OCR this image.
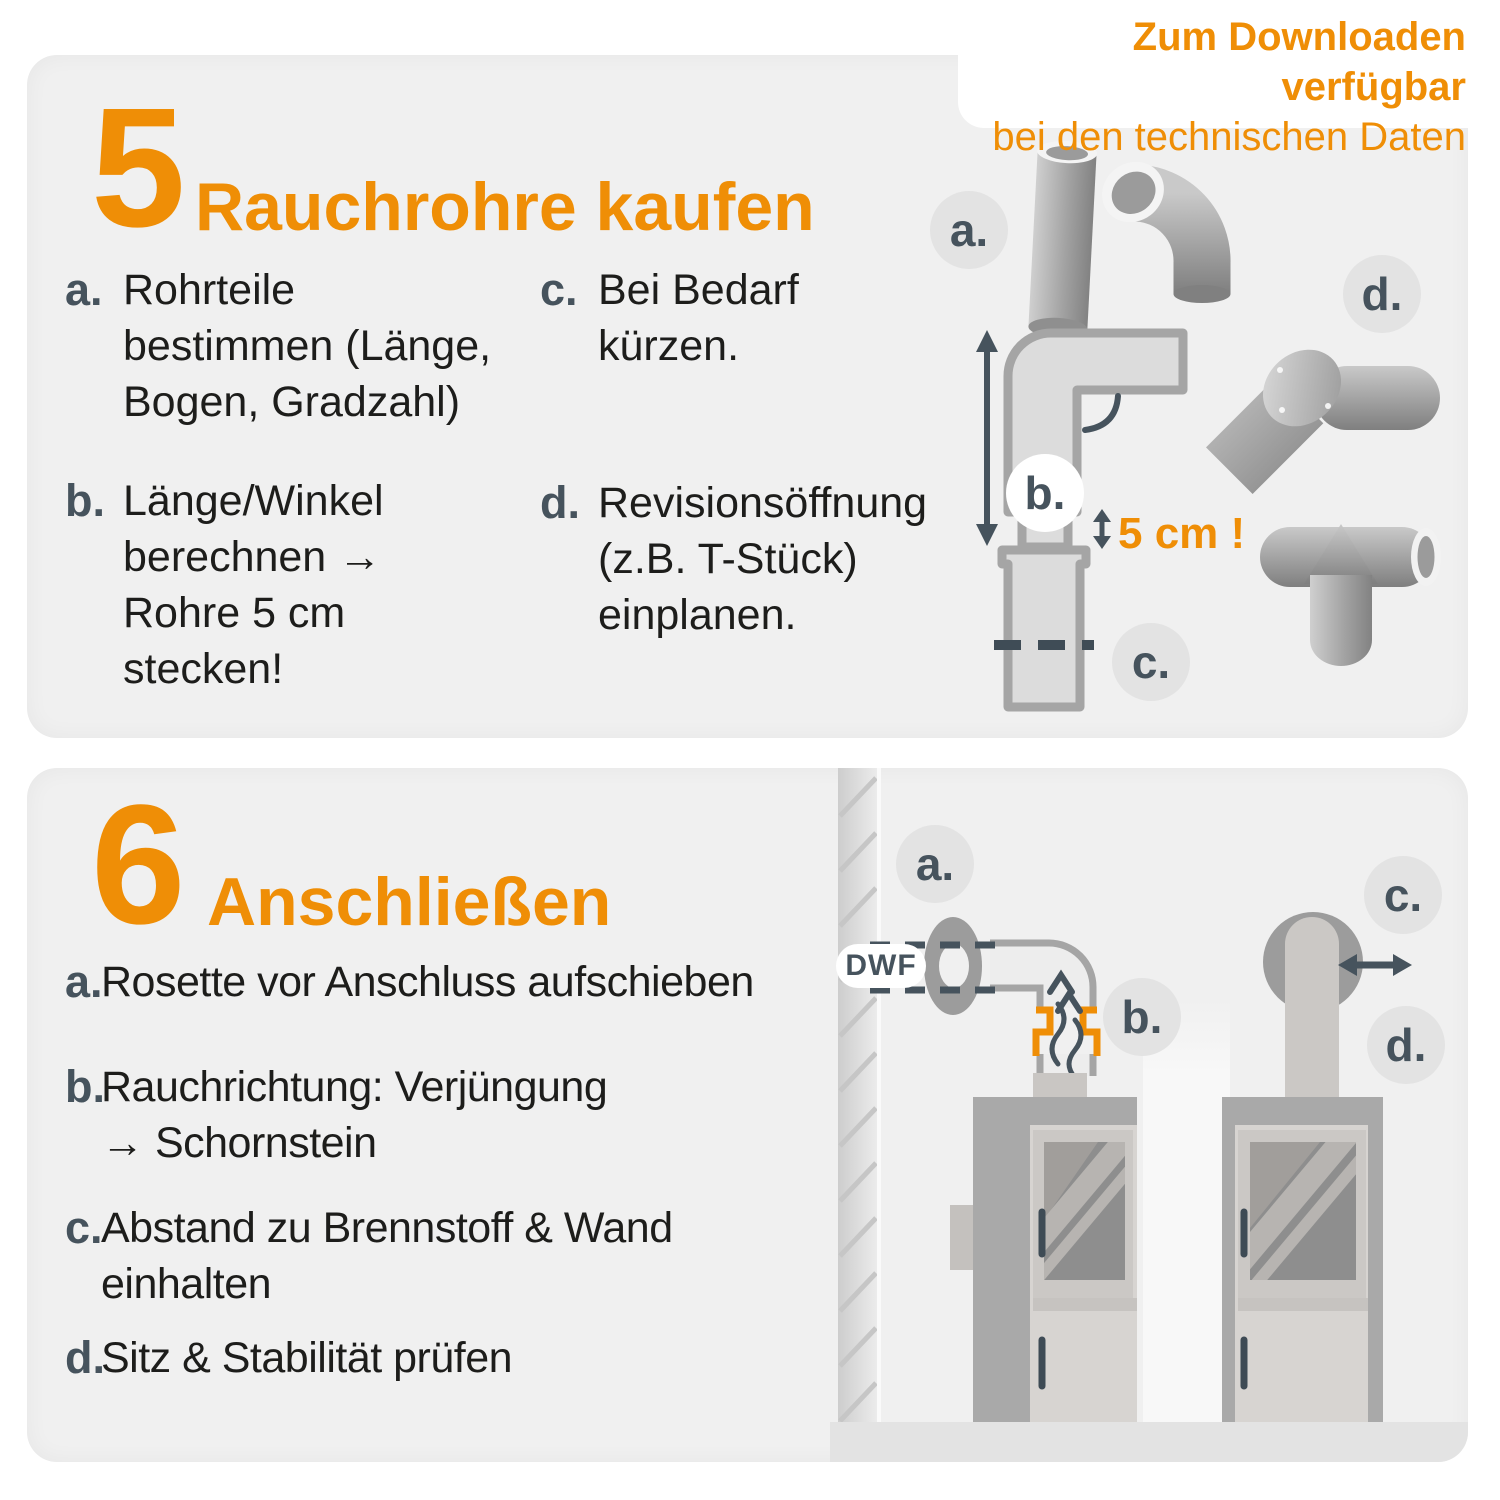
Zum Downloaden verfügbar
bei den technischen Daten
5 Rauchrohre kaufen
a. Rohrteile
bestimmen (Länge,
Bogen, Gradzahl)
b. Länge/Winkel
berechnen →
Rohre 5 cm
stecken!
c. Bei Bedarf
kürzen.
d. Revisionsöffnung
(z.B. T-Stück)
einplanen.
5 cm !
a.
b.
c.
d.
6 Anschließen
a.
Rosette vor Anschluss aufschieben
b.
Rauchrichtung: Verjüngung
→ Schornstein
c.
Abstand zu Brennstoff & Wand
einhalten
d.
Sitz & Stabilität prüfen
DWF
a.
b.
c.
d.
